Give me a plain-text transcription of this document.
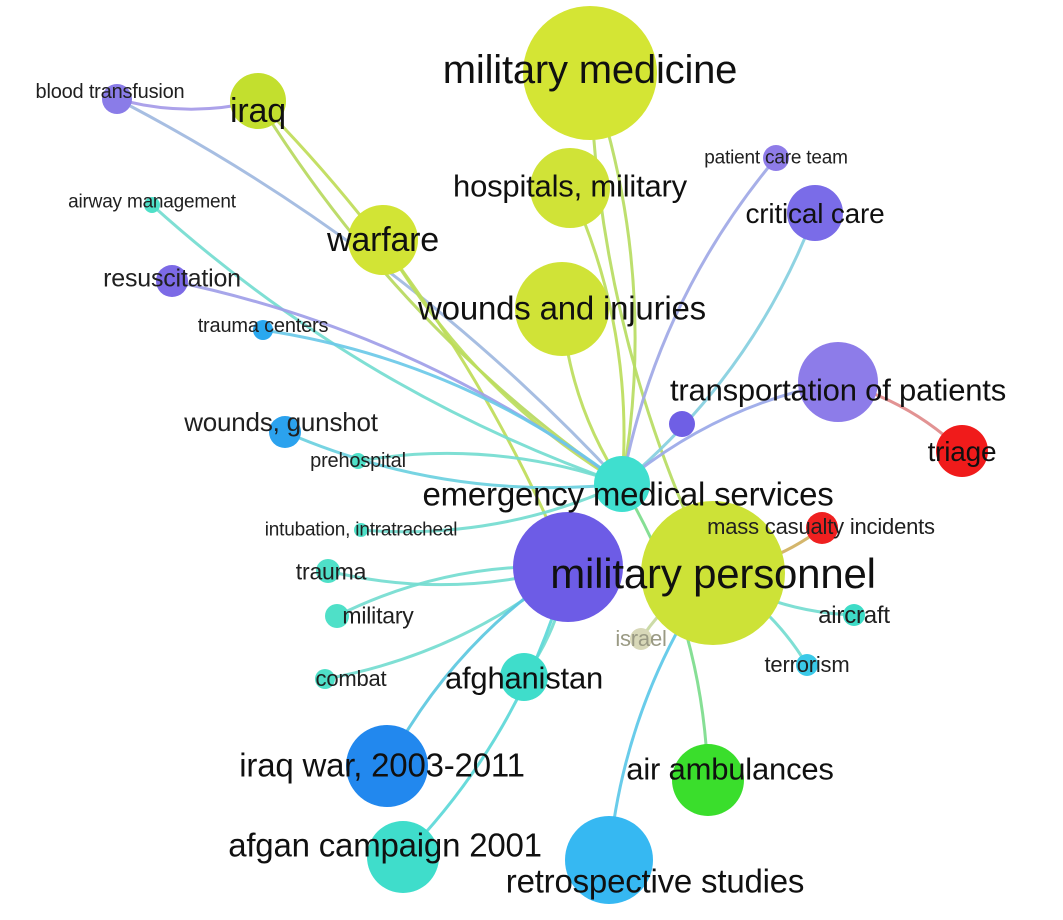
blood transfusion iraq
airway management
military medicine
hospitals, military
patient care team
critical care
warfare
resuscitation
wounds and injuries
trauma centers
transportation of patients
wounds, gunshot
triage
prehospital
emergency medical services
mass casualty incidents
intubation, intratracheal
military personnel
trauma
aircraft
military
israel
terrorism
combat afghanistan
iraq war, 2003-2011	air ambulances
afgan campaign 2001
retrospective studies
